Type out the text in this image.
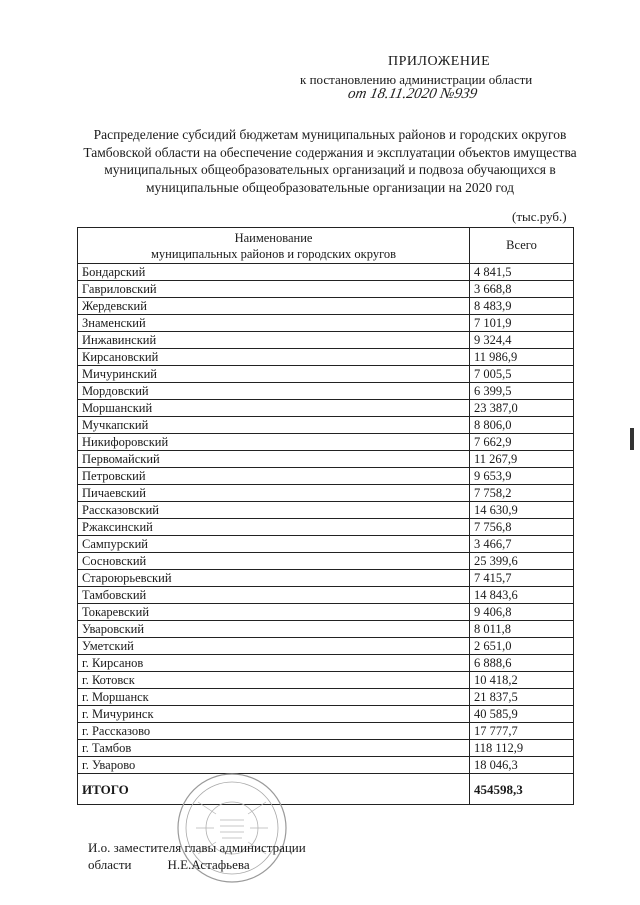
ПРИЛОЖЕНИЕ
к постановлению администрации области
от 18.11.2020 №939
Распределение субсидий бюджетам муниципальных районов и городских округов Тамбовской области на обеспечение содержания и эксплуатации объектов имущества муниципальных общеобразовательных организаций и подвоза обучающихся в муниципальные общеобразовательные организации на 2020 год
(тыс.руб.)
Наименование
муниципальных районов и городских округов	Всего
Бондарский	4 841,5
Гавриловский	3 668,8
Жердевский	8 483,9
Знаменский	7 101,9
Инжавинский	9 324,4
Кирсановский	11 986,9
Мичуринский	7 005,5
Мордовский	6 399,5
Моршанский	23 387,0
Мучкапский	8 806,0
Никифоровский	7 662,9
Первомайский	11 267,9
Петровский	9 653,9
Пичаевский	7 758,2
Рассказовский	14 630,9
Ржаксинский	7 756,8
Сампурский	3 466,7
Сосновский	25 399,6
Староюрьевский	7 415,7
Тамбовский	14 843,6
Токаревский	9 406,8
Уваровский	8 011,8
Уметский	2 651,0
г. Кирсанов	6 888,6
г. Котовск	10 418,2
г. Моршанск	21 837,5
г. Мичуринск	40 585,9
г. Рассказово	17 777,7
г. Тамбов	118 112,9
г. Уварово	18 046,3
ИТОГО	454598,3
И.о. заместителя главы администрации
области	Н.Е.Астафьева
